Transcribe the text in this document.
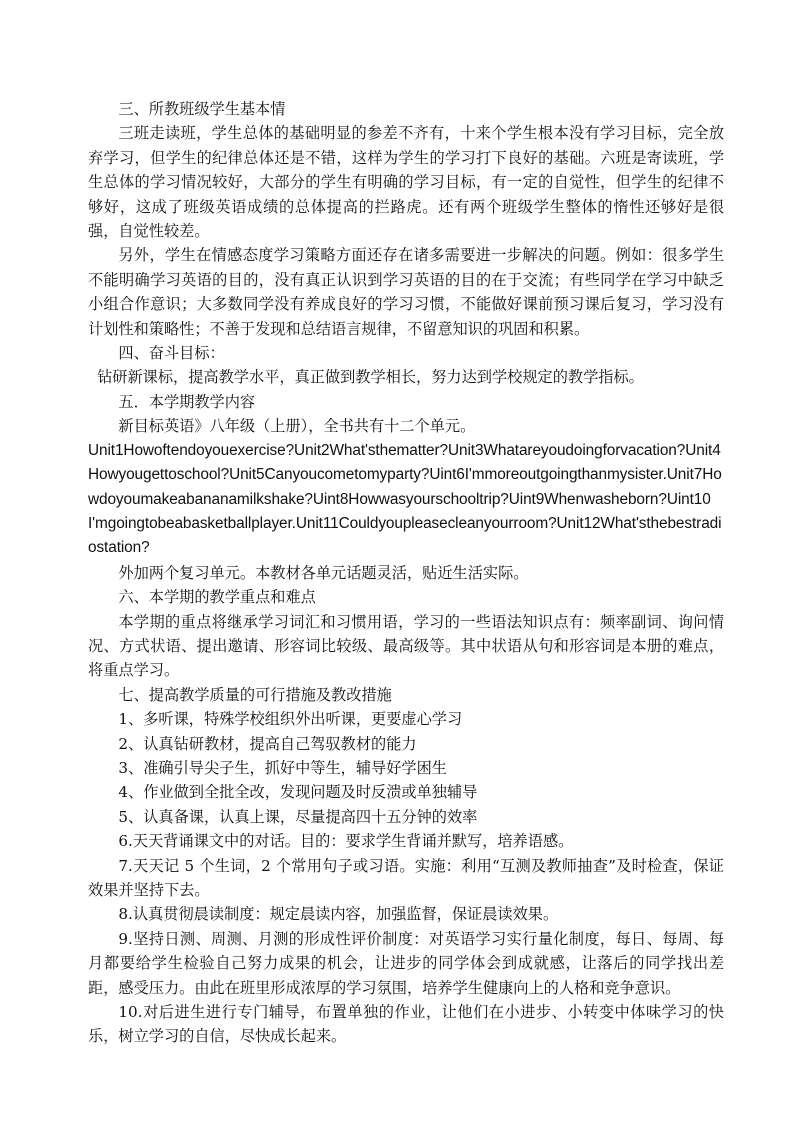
三、所教班级学生基本情

三班走读班，学生总体的基础明显的参差不齐有，十来个学生根本没有学习目标，完全放弃学习，但学生的纪律总体还是不错，这样为学生的学习打下良好的基础。六班是寄读班，学生总体的学习情况较好，大部分的学生有明确的学习目标，有一定的自觉性，但学生的纪律不够好，这成了班级英语成绩的总体提高的拦路虎。还有两个班级学生整体的惰性还够好是很强，自觉性较差。

另外，学生在情感态度学习策略方面还存在诸多需要进一步解决的问题。例如：很多学生不能明确学习英语的目的，没有真正认识到学习英语的目的在于交流；有些同学在学习中缺乏小组合作意识；大多数同学没有养成良好的学习习惯，不能做好课前预习课后复习，学习没有计划性和策略性；不善于发现和总结语言规律，不留意知识的巩固和积累。

四、奋斗目标：

钻研新课标，提高教学水平，真正做到教学相长，努力达到学校规定的教学指标。

五．本学期教学内容

新目标英语》八年级（上册），全书共有十二个单元。

Unit1Howoftendoyouexercise?Unit2What'sthematter?Unit3Whatareyoudoingforvacation?Unit4Howyougettoschool?Unit5Canyoucometomyparty?Uint6I'mmoreoutgoingthanmysister.Unit7Howdoyoumakeabananamilkshake?Uint8Howwasyourschooltrip?Uint9Whenwasheborn?Uint10I'mgoingtobeabasketballplayer.Unit11Couldyoupleasecleanyourroom?Unit12What'sthebestradiostation?

外加两个复习单元。本教材各单元话题灵活，贴近生活实际。

六、本学期的教学重点和难点

本学期的重点将继承学习词汇和习惯用语，学习的一些语法知识点有：频率副词、询问情况、方式状语、提出邀请、形容词比较级、最高级等。其中状语从句和形容词是本册的难点，将重点学习。

七、提高教学质量的可行措施及教改措施

1、多听课，特殊学校组织外出听课，更要虚心学习

2、认真钻研教材，提高自己驾驭教材的能力

3、准确引导尖子生，抓好中等生，辅导好学困生

4、作业做到全批全改，发现问题及时反溃或单独辅导

5、认真备课，认真上课，尽量提高四十五分钟的效率

6.天天背诵课文中的对话。目的：要求学生背诵并默写，培养语感。

7.天天记 5 个生词，2 个常用句子或习语。实施：利用“互测及教师抽查”及时检查，保证效果并坚持下去。

8.认真贯彻晨读制度：规定晨读内容，加强监督，保证晨读效果。

9.坚持日测、周测、月测的形成性评价制度：对英语学习实行量化制度，每日、每周、每月都要给学生检验自己努力成果的机会，让进步的同学体会到成就感，让落后的同学找出差距，感受压力。由此在班里形成浓厚的学习氛围，培养学生健康向上的人格和竞争意识。

10.对后进生进行专门辅导，布置单独的作业，让他们在小进步、小转变中体味学习的快乐，树立学习的自信，尽快成长起来。
